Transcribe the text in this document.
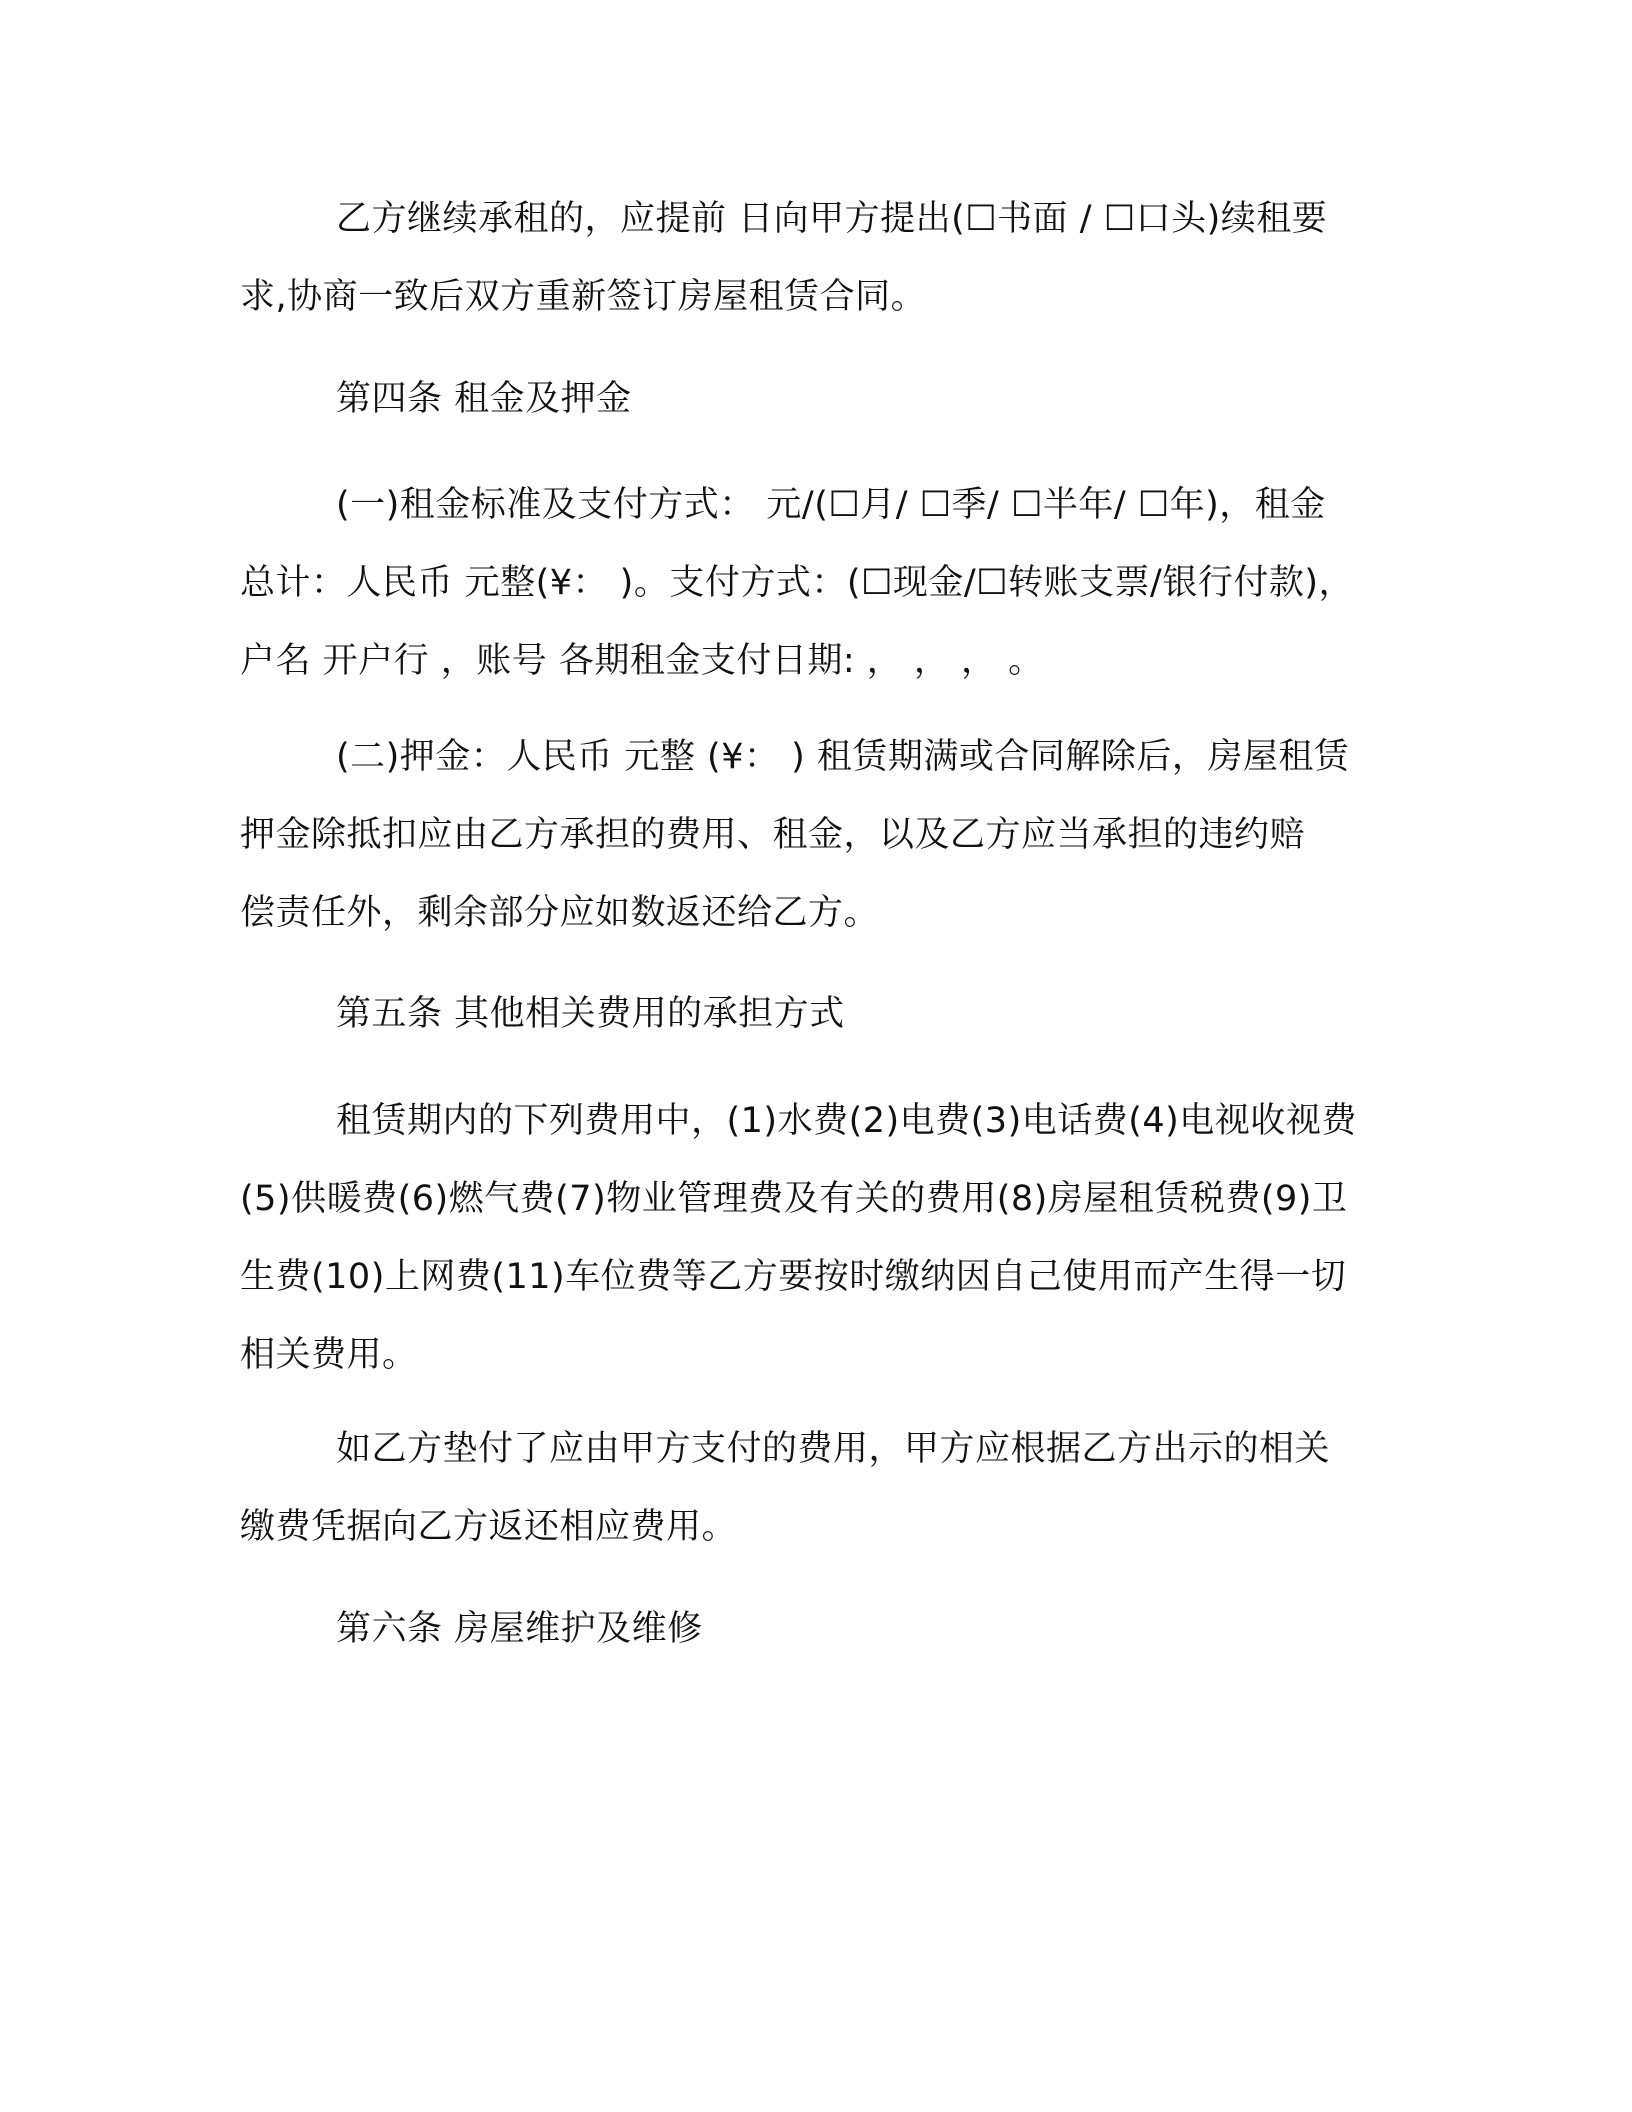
乙方继续承租的，应提前 日向甲方提出(☐书面 / ☐口头)续租要
求,协商一致后双方重新签订房屋租赁合同。
第四条 租金及押金
(一)租金标准及支付方式： 元/(☐月/ ☐季/ ☐半年/ ☐年)，租金
总计：人民币 元整(¥： )。支付方式：(☐现金/☐转账支票/银行付款)，
户名 开户行 ，账号 各期租金支付日期: ， ， ， 。
(二)押金：人民币 元整 (¥： ) 租赁期满或合同解除后，房屋租赁
押金除抵扣应由乙方承担的费用、租金，以及乙方应当承担的违约赔
偿责任外，剩余部分应如数返还给乙方。
第五条 其他相关费用的承担方式
租赁期内的下列费用中，(1)水费(2)电费(3)电话费(4)电视收视费
(5)供暖费(6)燃气费(7)物业管理费及有关的费用(8)房屋租赁税费(9)卫
生费(10)上网费(11)车位费等乙方要按时缴纳因自己使用而产生得一切
相关费用。
如乙方垫付了应由甲方支付的费用，甲方应根据乙方出示的相关
缴费凭据向乙方返还相应费用。
第六条 房屋维护及维修
